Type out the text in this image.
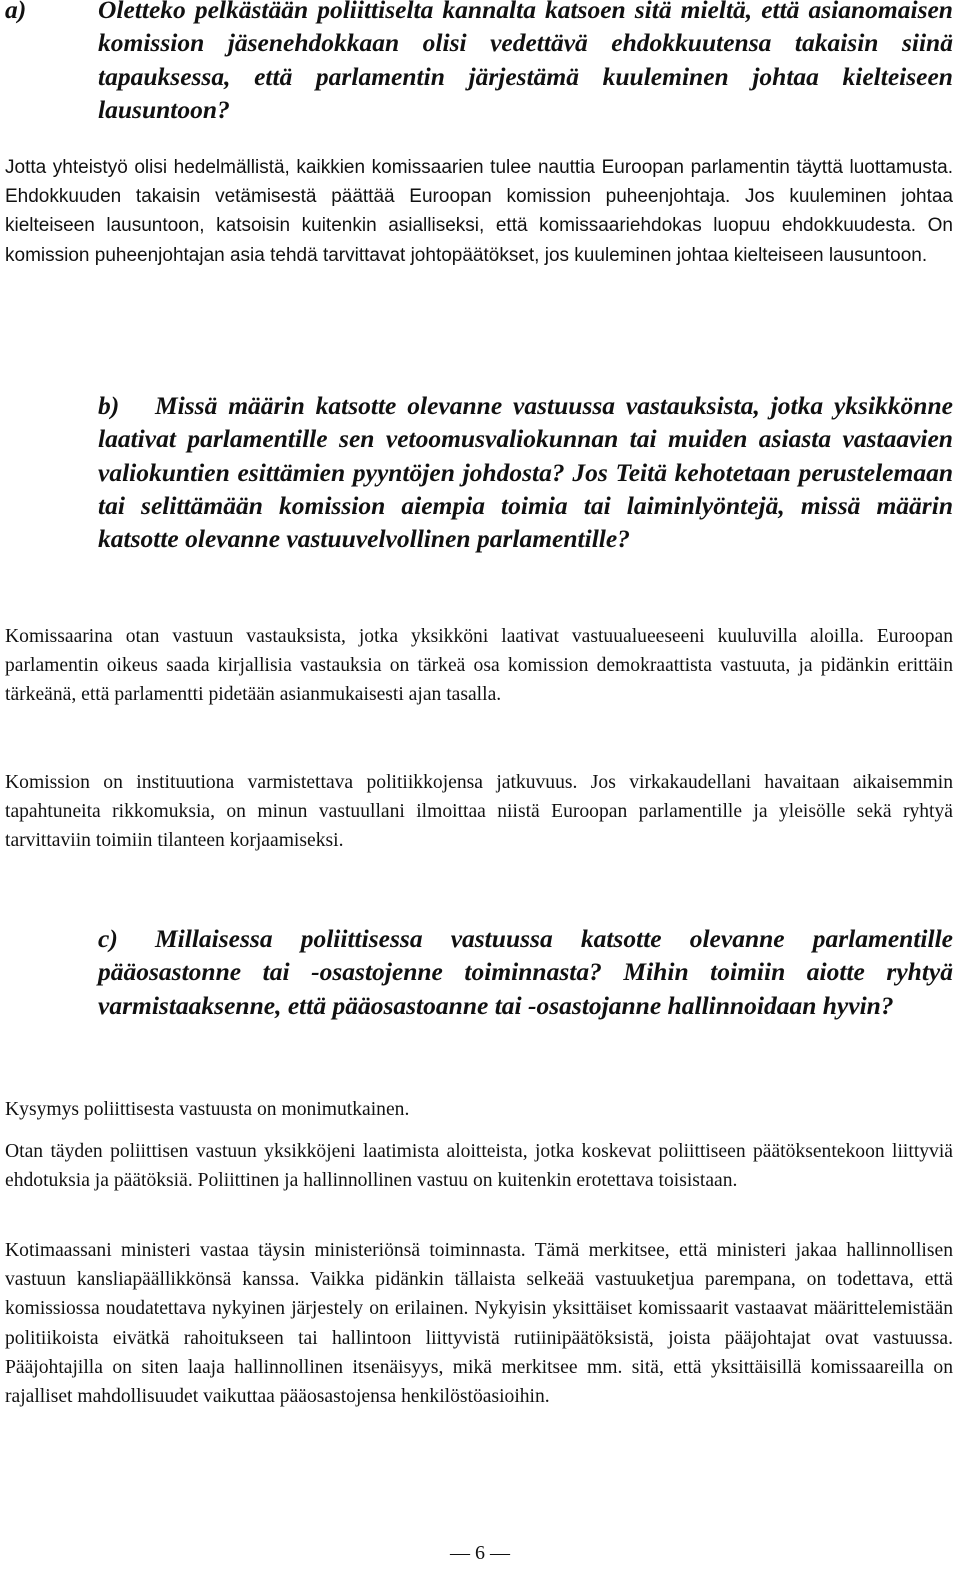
a)	Oletteko pelkästään poliittiselta kannalta katsoen sitä mieltä, että asianomaisen komission jäsenehdokkaan olisi vedettävä ehdokkuutensa takaisin siinä tapauksessa, että parlamentin järjestämä kuuleminen johtaa kielteiseen lausuntoon?

Jotta yhteistyö olisi hedelmällistä, kaikkien komissaarien tulee nauttia Euroopan parlamentin täyttä luottamusta. Ehdokkuuden takaisin vetämisestä päättää Euroopan komission puheenjohtaja. Jos kuuleminen johtaa kielteiseen lausuntoon, katsoisin kuitenkin asialliseksi, että komissaariehdokas luopuu ehdokkuudesta. On komission puheenjohtajan asia tehdä tarvittavat johtopäätökset, jos kuuleminen johtaa kielteiseen lausuntoon.

b) Missä määrin katsotte olevanne vastuussa vastauksista, jotka yksikkönne laativat parlamentille sen vetoomusvaliokunnan tai muiden asiasta vastaavien valiokuntien esittämien pyyntöjen johdosta? Jos Teitä kehotetaan perustelemaan tai selittämään komission aiempia toimia tai laiminlyöntejä, missä määrin katsotte olevanne vastuuvelvollinen parlamentille?

Komissaarina otan vastuun vastauksista, jotka yksikköni laativat vastuualueeseeni kuuluvilla aloilla. Euroopan parlamentin oikeus saada kirjallisia vastauksia on tärkeä osa komission demokraattista vastuuta, ja pidänkin erittäin tärkeänä, että parlamentti pidetään asianmukaisesti ajan tasalla.

Komission on instituutiona varmistettava politiikkojensa jatkuvuus. Jos virkakaudellani havaitaan aikaisemmin tapahtuneita rikkomuksia, on minun vastuullani ilmoittaa niistä Euroopan parlamentille ja yleisölle sekä ryhtyä tarvittaviin toimiin tilanteen korjaamiseksi.

c) Millaisessa poliittisessa vastuussa katsotte olevanne parlamentille pääosastonne tai -osastojenne toiminnasta? Mihin toimiin aiotte ryhtyä varmistaaksenne, että pääosastoanne tai -osastojanne hallinnoidaan hyvin?

Kysymys poliittisesta vastuusta on monimutkainen.

Otan täyden poliittisen vastuun yksikköjeni laatimista aloitteista, jotka koskevat poliittiseen päätöksentekoon liittyviä ehdotuksia ja päätöksiä. Poliittinen ja hallinnollinen vastuu on kuitenkin erotettava toisistaan.

Kotimaassani ministeri vastaa täysin ministeriönsä toiminnasta. Tämä merkitsee, että ministeri jakaa hallinnollisen vastuun kansliapäällikkönsä kanssa. Vaikka pidänkin tällaista selkeää vastuuketjua parempana, on todettava, että komissiossa noudatettava nykyinen järjestely on erilainen. Nykyisin yksittäiset komissaarit vastaavat määrittelemistään politiikoista eivätkä rahoitukseen tai hallintoon liittyvistä rutiinipäätöksistä, joista pääjohtajat ovat vastuussa. Pääjohtajilla on siten laaja hallinnollinen itsenäisyys, mikä merkitsee mm. sitä, että yksittäisillä komissaareilla on rajalliset mahdollisuudet vaikuttaa pääosastojensa henkilöstöasioihin.

— 6 —
